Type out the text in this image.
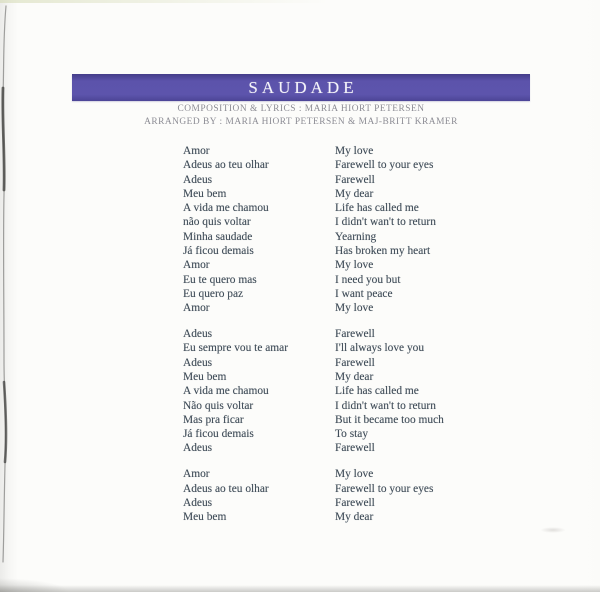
SAUDADE
COMPOSITION & LYRICS : MARIA HIORT PETERSEN
ARRANGED BY : MARIA HIORT PETERSEN & MAJ-BRITT KRAMER
Amor	My love
Adeus ao teu olhar	Farewell to your eyes
Adeus	Farewell
Meu bem	My dear
A vida me chamou	Life has called me
não quis voltar	I didn't wan't to return
Minha saudade	Yearning
Já ficou demais	Has broken my heart
Amor	My love
Eu te quero mas	I need you but
Eu quero paz	I want peace
Amor	My love
Adeus	Farewell
Eu sempre vou te amar	I'll always love you
Adeus	Farewell
Meu bem	My dear
A vida me chamou	Life has called me
Não quis voltar	I didn't wan't to return
Mas pra ficar	But it became too much
Já ficou demais	To stay
Adeus	Farewell
Amor	My love
Adeus ao teu olhar	Farewell to your eyes
Adeus	Farewell
Meu bem	My dear
